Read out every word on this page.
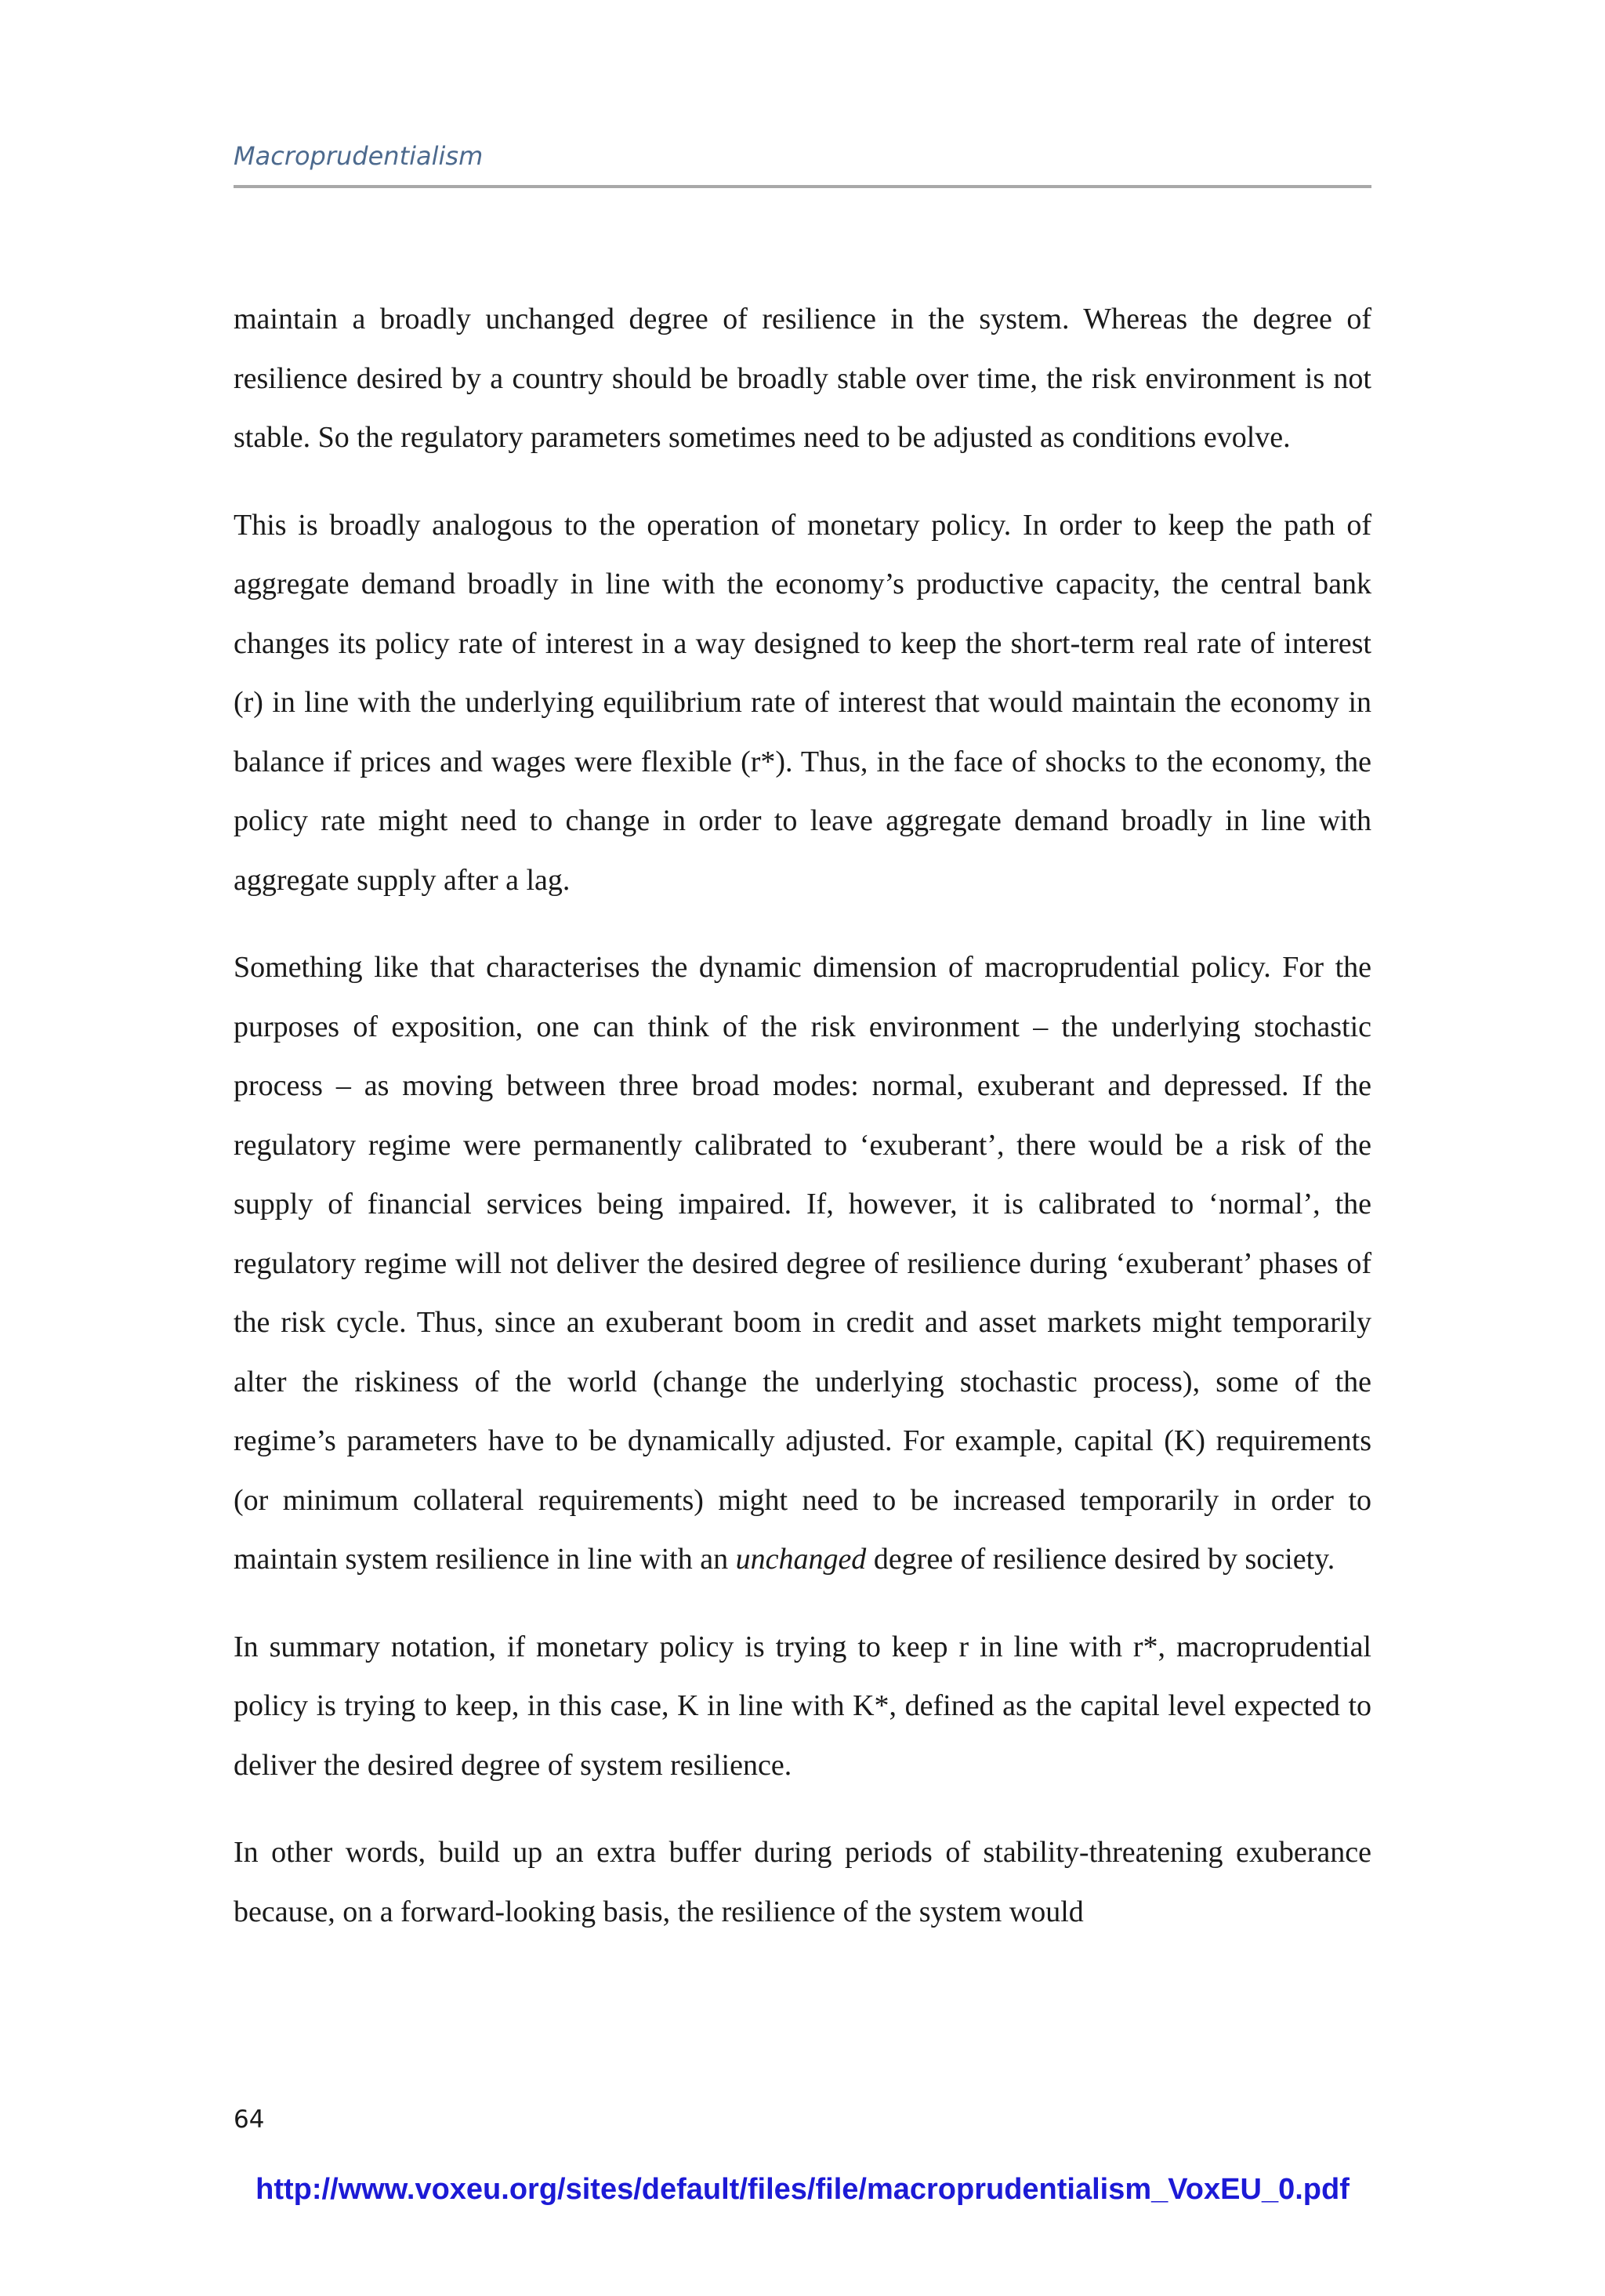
Macroprudentialism

maintain a broadly unchanged degree of resilience in the system. Whereas the degree of resilience desired by a country should be broadly stable over time, the risk environment is not stable. So the regulatory parameters sometimes need to be adjusted as conditions evolve.

This is broadly analogous to the operation of monetary policy. In order to keep the path of aggregate demand broadly in line with the economy’s productive capacity, the central bank changes its policy rate of interest in a way designed to keep the short-term real rate of interest (r) in line with the underlying equilibrium rate of interest that would maintain the economy in balance if prices and wages were flexible (r*). Thus, in the face of shocks to the economy, the policy rate might need to change in order to leave aggregate demand broadly in line with aggregate supply after a lag.

Something like that characterises the dynamic dimension of macroprudential policy. For the purposes of exposition, one can think of the risk environment – the underlying stochastic process – as moving between three broad modes: normal, exuberant and depressed. If the regulatory regime were permanently calibrated to ‘exuberant’, there would be a risk of the supply of financial services being impaired. If, however, it is calibrated to ‘normal’, the regulatory regime will not deliver the desired degree of resilience during ‘exuberant’ phases of the risk cycle. Thus, since an exuberant boom in credit and asset markets might temporarily alter the riskiness of the world (change the underlying stochastic process), some of the regime’s parameters have to be dynamically adjusted. For example, capital (K) requirements (or minimum collateral requirements) might need to be increased temporarily in order to maintain system resilience in line with an unchanged degree of resilience desired by society.

In summary notation, if monetary policy is trying to keep r in line with r*, macroprudential policy is trying to keep, in this case, K in line with K*, defined as the capital level expected to deliver the desired degree of system resilience.

In other words, build up an extra buffer during periods of stability-threatening exuberance because, on a forward-looking basis, the resilience of the system would

64
http://www.voxeu.org/sites/default/files/file/macroprudentialism_VoxEU_0.pdf
